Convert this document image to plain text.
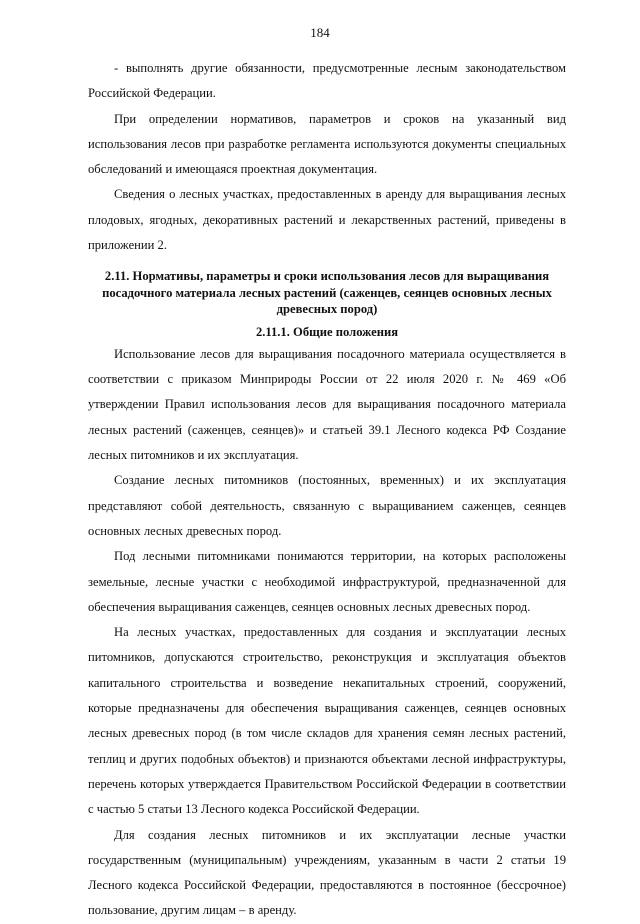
184

- выполнять другие обязанности, предусмотренные лесным законодательством Российской Федерации.

При определении нормативов, параметров и сроков на указанный вид использования лесов при разработке регламента используются документы специальных обследований и имеющаяся проектная документация.

Сведения о лесных участках, предоставленных в аренду для выращивания лесных плодовых, ягодных, декоративных растений и лекарственных растений, приведены в приложении 2.

2.11. Нормативы, параметры и сроки использования лесов для выращивания посадочного материала лесных растений (саженцев, сеянцев основных лесных древесных пород)
2.11.1. Общие положения

Использование лесов для выращивания посадочного материала осуществляется в соответствии с приказом Минприроды России от 22 июля 2020 г. № 469 «Об утверждении Правил использования лесов для выращивания посадочного материала лесных растений (саженцев, сеянцев)» и статьей 39.1 Лесного кодекса РФ Создание лесных питомников и их эксплуатация.

Создание лесных питомников (постоянных, временных) и их эксплуатация представляют собой деятельность, связанную с выращиванием саженцев, сеянцев основных лесных древесных пород.

Под лесными питомниками понимаются территории, на которых расположены земельные, лесные участки с необходимой инфраструктурой, предназначенной для обеспечения выращивания саженцев, сеянцев основных лесных древесных пород.

На лесных участках, предоставленных для создания и эксплуатации лесных питомников, допускаются строительство, реконструкция и эксплуатация объектов капитального строительства и возведение некапитальных строений, сооружений, которые предназначены для обеспечения выращивания саженцев, сеянцев основных лесных древесных пород (в том числе складов для хранения семян лесных растений, теплиц и других подобных объектов) и признаются объектами лесной инфраструктуры, перечень которых утверждается Правительством Российской Федерации в соответствии с частью 5 статьи 13 Лесного кодекса Российской Федерации.

Для создания лесных питомников и их эксплуатации лесные участки государственным (муниципальным) учреждениям, указанным в части 2 статьи 19 Лесного кодекса Российской Федерации, предоставляются в постоянное (бессрочное) пользование, другим лицам – в аренду.
